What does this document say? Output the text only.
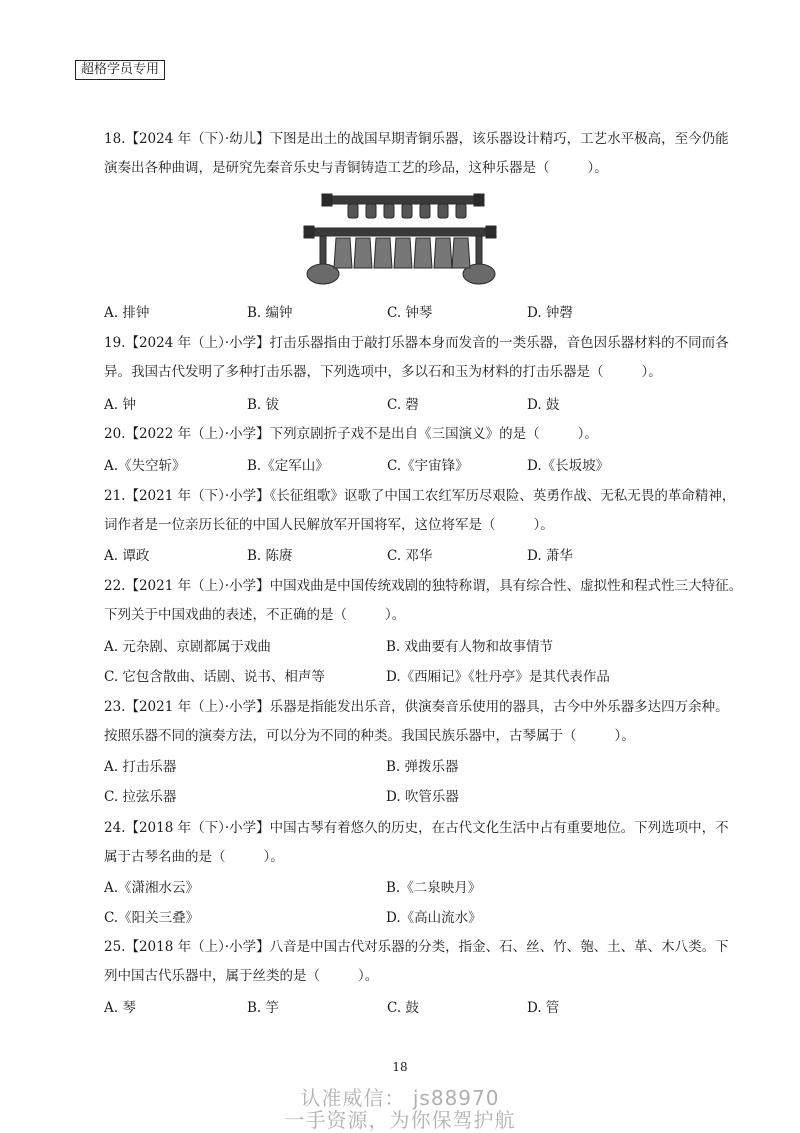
超格学员专用
18.【2024 年（下）·幼儿】下图是出土的战国早期青铜乐器，该乐器设计精巧，工艺水平极高，至今仍能
演奏出各种曲调，是研究先秦音乐史与青铜铸造工艺的珍品，这种乐器是（	）。
A. 排钟	B. 编钟	C. 钟琴	D. 钟磬
19.【2024 年（上）·小学】打击乐器指由于敲打乐器本身而发音的一类乐器，音色因乐器材料的不同而各
异。我国古代发明了多种打击乐器，下列选项中，多以石和玉为材料的打击乐器是（	）。
A. 钟	B. 钹	C. 磬	D. 鼓
20.【2022 年（上）·小学】下列京剧折子戏不是出自《三国演义》的是（	）。
A.《失空斩》	B.《定军山》	C.《宇宙锋》	D.《长坂坡》
21.【2021 年（下）·小学】《长征组歌》讴歌了中国工农红军历尽艰险、英勇作战、无私无畏的革命精神，
词作者是一位亲历长征的中国人民解放军开国将军，这位将军是（	）。
A. 谭政	B. 陈赓	C. 邓华	D. 萧华
22.【2021 年（上）·小学】中国戏曲是中国传统戏剧的独特称谓，具有综合性、虚拟性和程式性三大特征。
下列关于中国戏曲的表述，不正确的是（	）。
A. 元杂剧、京剧都属于戏曲	B. 戏曲要有人物和故事情节
C. 它包含散曲、话剧、说书、相声等	D.《西厢记》《牡丹亭》是其代表作品
23.【2021 年（上）·小学】乐器是指能发出乐音，供演奏音乐使用的器具，古今中外乐器多达四万余种。
按照乐器不同的演奏方法，可以分为不同的种类。我国民族乐器中，古琴属于（	）。
A. 打击乐器	B. 弹拨乐器
C. 拉弦乐器	D. 吹管乐器
24.【2018 年（下）·小学】中国古琴有着悠久的历史，在古代文化生活中占有重要地位。下列选项中，不
属于古琴名曲的是（	）。
A.《潇湘水云》	B.《二泉映月》
C.《阳关三叠》	D.《高山流水》
25.【2018 年（上）·小学】八音是中国古代对乐器的分类，指金、石、丝、竹、匏、土、革、木八类。下
列中国古代乐器中，属于丝类的是（	）。
A. 琴	B. 竽	C. 鼓	D. 管
18
认准威信： js88970
一手资源，为你保驾护航
